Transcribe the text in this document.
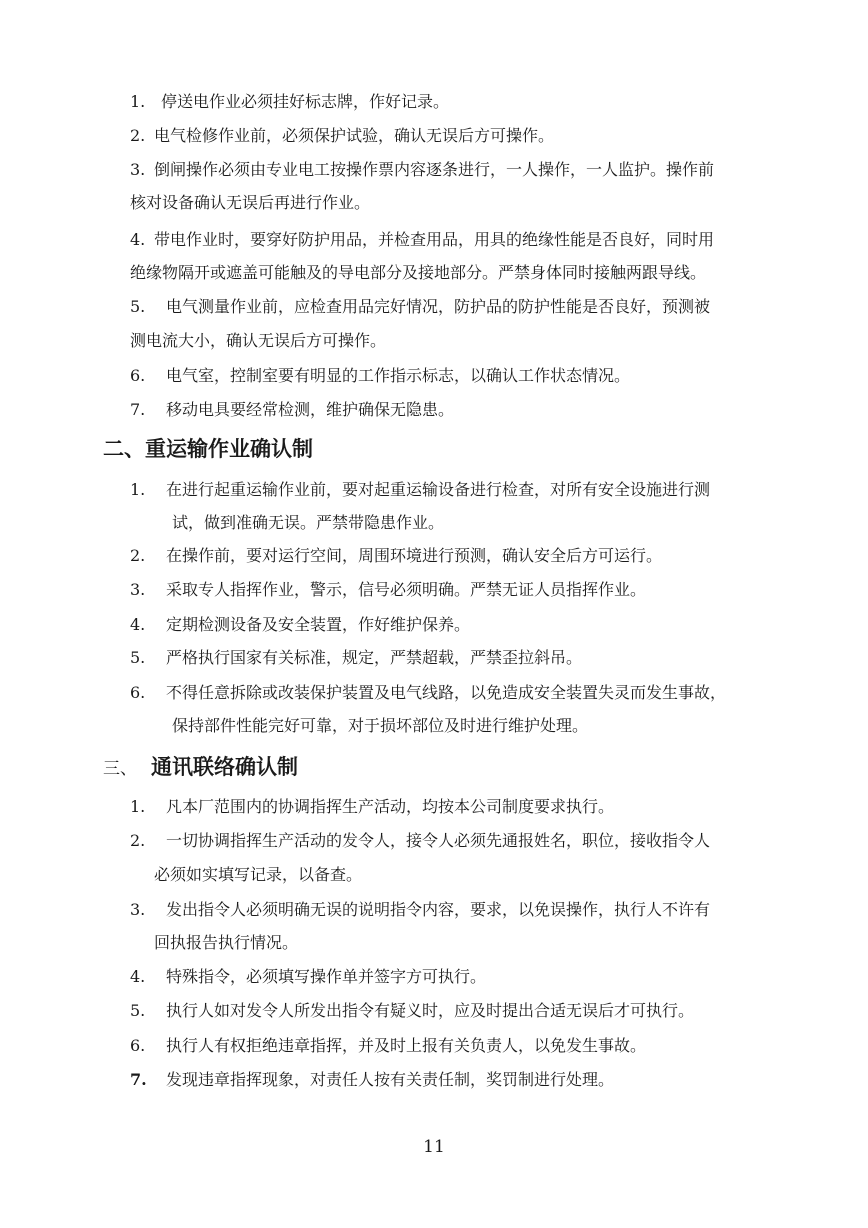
1. 停送电作业必须挂好标志牌，作好记录。
2. 电气检修作业前，必须保护试验，确认无误后方可操作。
3. 倒闸操作必须由专业电工按操作票内容逐条进行，一人操作，一人监护。操作前
核对设备确认无误后再进行作业。
4. 带电作业时，要穿好防护用品，并检查用品，用具的绝缘性能是否良好，同时用
绝缘物隔开或遮盖可能触及的导电部分及接地部分。严禁身体同时接触两跟导线。
5. 电气测量作业前，应检查用品完好情况，防护品的防护性能是否良好，预测被
测电流大小，确认无误后方可操作。
6. 电气室，控制室要有明显的工作指示标志，以确认工作状态情况。
7. 移动电具要经常检测，维护确保无隐患。
二、重运输作业确认制
1. 在进行起重运输作业前，要对起重运输设备进行检查，对所有安全设施进行测
试，做到准确无误。严禁带隐患作业。
2. 在操作前，要对运行空间，周围环境进行预测，确认安全后方可运行。
3. 采取专人指挥作业，警示，信号必须明确。严禁无证人员指挥作业。
4. 定期检测设备及安全装置，作好维护保养。
5. 严格执行国家有关标准，规定，严禁超载，严禁歪拉斜吊。
6. 不得任意拆除或改装保护装置及电气线路，以免造成安全装置失灵而发生事故，
保持部件性能完好可靠，对于损坏部位及时进行维护处理。
三、 通讯联络确认制
1. 凡本厂范围内的协调指挥生产活动，均按本公司制度要求执行。
2. 一切协调指挥生产活动的发令人，接令人必须先通报姓名，职位，接收指令人
必须如实填写记录，以备查。
3. 发出指令人必须明确无误的说明指令内容，要求，以免误操作，执行人不许有
回执报告执行情况。
4. 特殊指令，必须填写操作单并签字方可执行。
5. 执行人如对发令人所发出指令有疑义时，应及时提出合适无误后才可执行。
6. 执行人有权拒绝违章指挥，并及时上报有关负责人，以免发生事故。
7. 发现违章指挥现象，对责任人按有关责任制，奖罚制进行处理。
11
